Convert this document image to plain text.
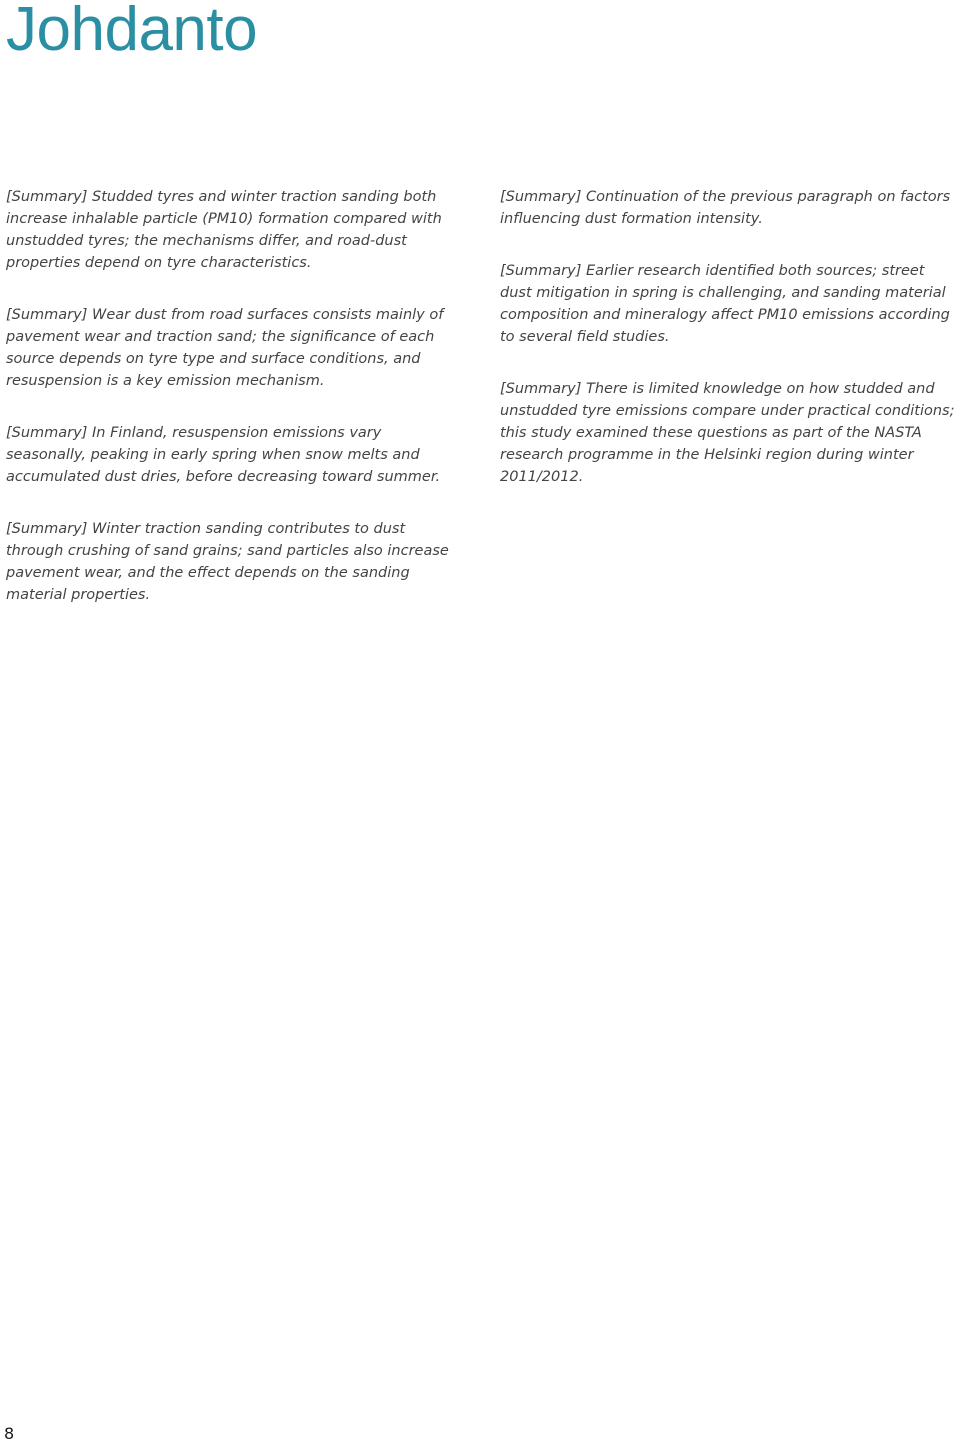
Johdanto

[Summary] Studded tyres and winter traction sanding both increase inhalable particle (PM10) formation compared with unstudded tyres; the mechanisms differ, and road-dust properties depend on tyre characteristics.

[Summary] Wear dust from road surfaces consists mainly of pavement wear and traction sand; the significance of each source depends on tyre type and surface conditions, and resuspension is a key emission mechanism.

[Summary] In Finland, resuspension emissions vary seasonally, peaking in early spring when snow melts and accumulated dust dries, before decreasing toward summer.

[Summary] Winter traction sanding contributes to dust through crushing of sand grains; sand particles also increase pavement wear, and the effect depends on the sanding material properties.

[Summary] Continuation of the previous paragraph on factors influencing dust formation intensity.

[Summary] Earlier research identified both sources; street dust mitigation in spring is challenging, and sanding material composition and mineralogy affect PM10 emissions according to several field studies.

[Summary] There is limited knowledge on how studded and unstudded tyre emissions compare under practical conditions; this study examined these questions as part of the NASTA research programme in the Helsinki region during winter 2011/2012.

8
